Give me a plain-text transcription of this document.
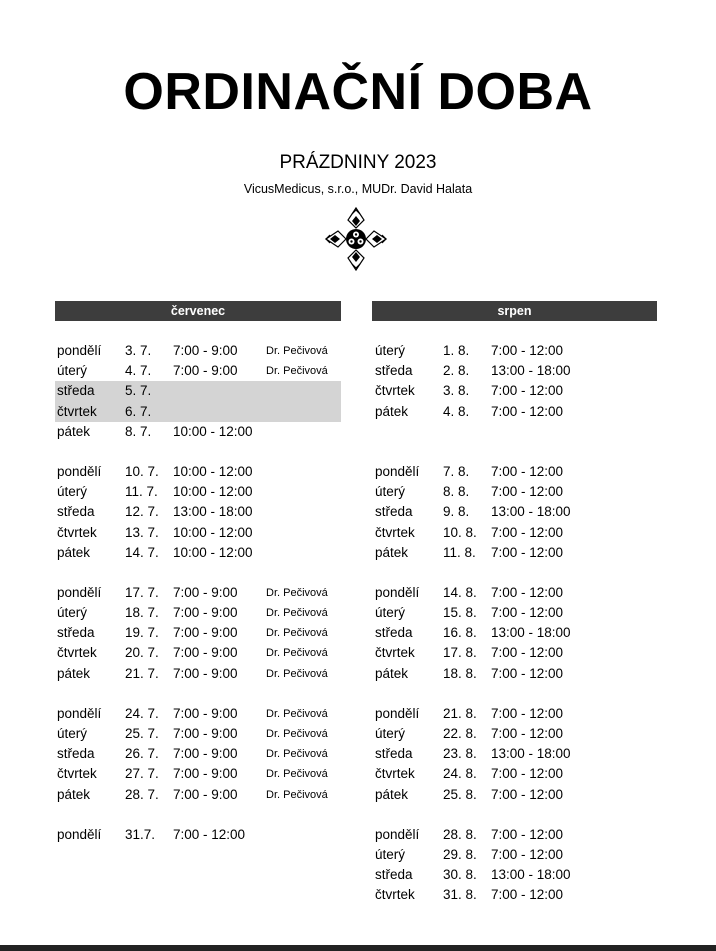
ORDINAČNÍ DOBA
PRÁZDNINY 2023
VicusMedicus, s.r.o., MUDr. David Halata
červenec
pondělí 3. 7. 7:00 - 9:00	Dr. Pečivová
úterý	4. 7. 7:00 - 9:00	Dr. Pečivová
středa 5. 7.
čtvrtek 6. 7.
pátek	8. 7. 10:00 - 12:00
pondělí 10. 7. 10:00 - 12:00
úterý	11. 7. 10:00 - 12:00
středa 12. 7. 13:00 - 18:00
čtvrtek 13. 7. 10:00 - 12:00
pátek	14. 7. 10:00 - 12:00
pondělí 17. 7. 7:00 - 9:00	Dr. Pečivová
úterý	18. 7. 7:00 - 9:00	Dr. Pečivová
středa 19. 7. 7:00 - 9:00	Dr. Pečivová
čtvrtek 20. 7. 7:00 - 9:00	Dr. Pečivová
pátek	21. 7. 7:00 - 9:00	Dr. Pečivová
pondělí 24. 7. 7:00 - 9:00	Dr. Pečivová
úterý	25. 7. 7:00 - 9:00	Dr. Pečivová
středa 26. 7. 7:00 - 9:00	Dr. Pečivová
čtvrtek 27. 7. 7:00 - 9:00	Dr. Pečivová
pátek	28. 7. 7:00 - 9:00	Dr. Pečivová
pondělí 31.7. 7:00 - 12:00
srpen
úterý	1. 8. 7:00 - 12:00
středa 2. 8. 13:00 - 18:00
čtvrtek 3. 8. 7:00 - 12:00
pátek	4. 8. 7:00 - 12:00
pondělí 7. 8. 7:00 - 12:00
úterý	8. 8. 7:00 - 12:00
středa 9. 8. 13:00 - 18:00
čtvrtek 10. 8. 7:00 - 12:00
pátek	11. 8. 7:00 - 12:00
pondělí 14. 8. 7:00 - 12:00
úterý	15. 8. 7:00 - 12:00
středa 16. 8. 13:00 - 18:00
čtvrtek 17. 8. 7:00 - 12:00
pátek	18. 8. 7:00 - 12:00
pondělí 21. 8. 7:00 - 12:00
úterý	22. 8. 7:00 - 12:00
středa 23. 8. 13:00 - 18:00
čtvrtek 24. 8. 7:00 - 12:00
pátek	25. 8. 7:00 - 12:00
pondělí 28. 8. 7:00 - 12:00
úterý	29. 8. 7:00 - 12:00
středa 30. 8. 13:00 - 18:00
čtvrtek 31. 8. 7:00 - 12:00
